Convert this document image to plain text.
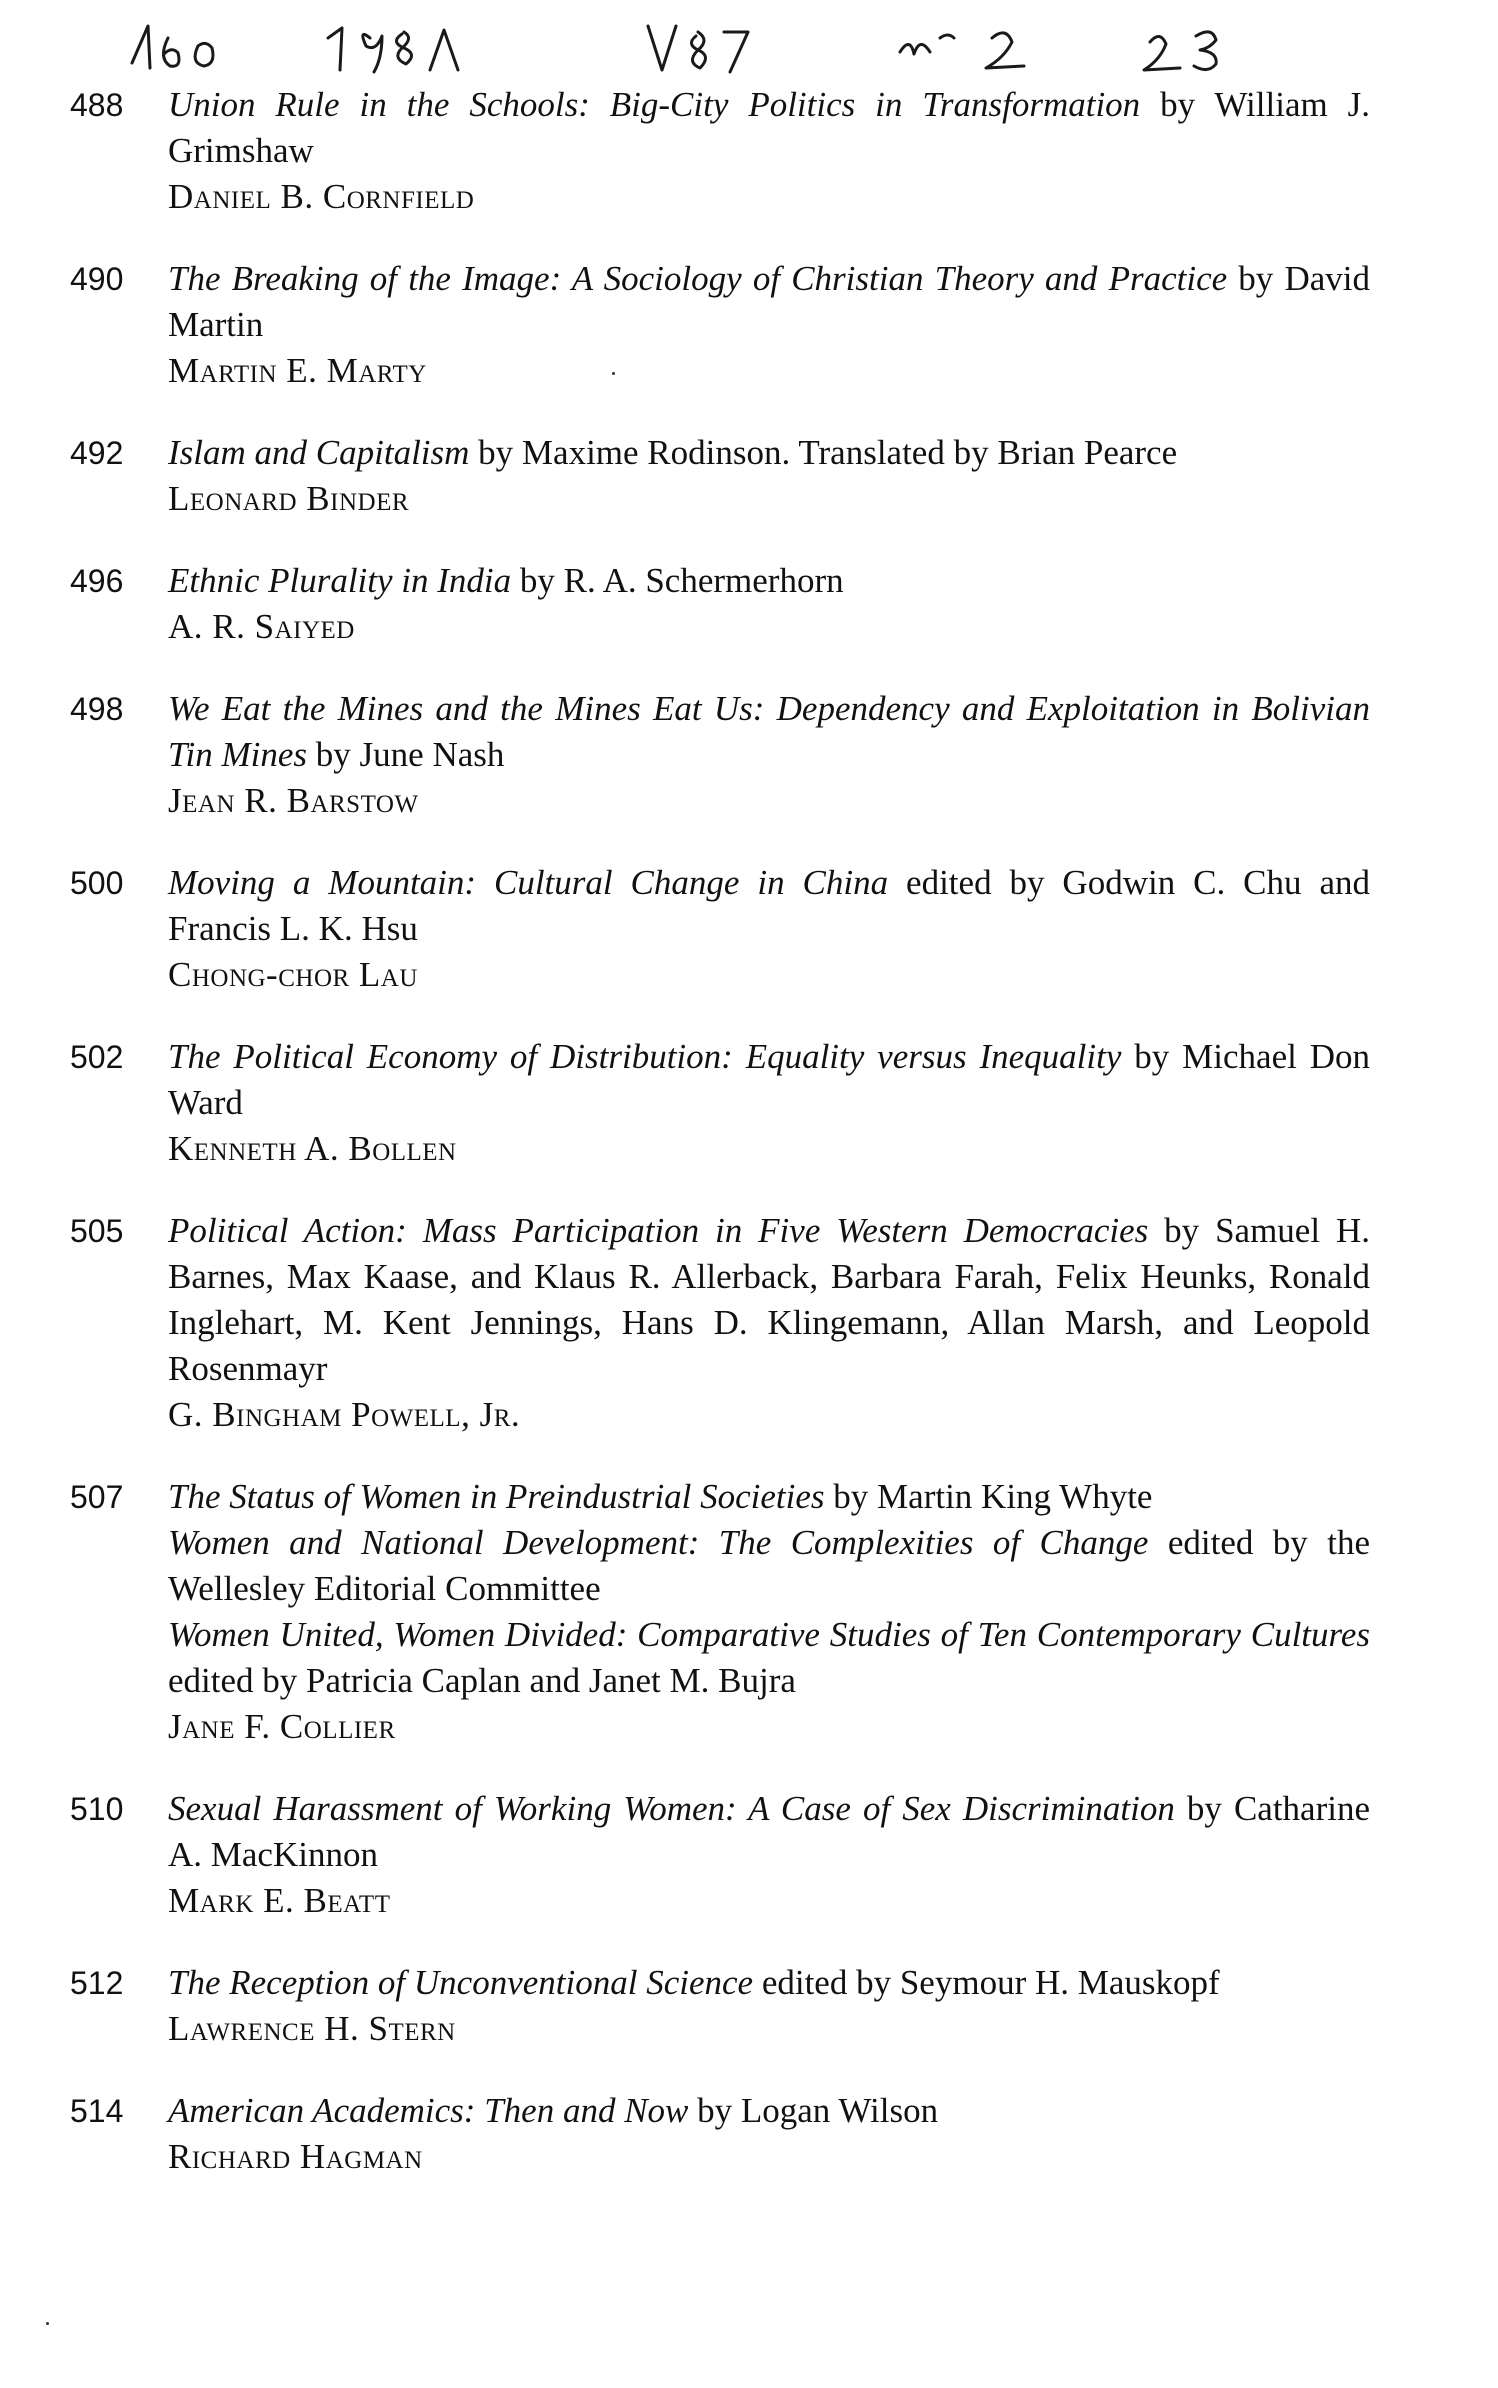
488 Union Rule in the Schools: Big-City Politics in Transformation by William J. Grimshaw
Daniel B. Cornfield
490 The Breaking of the Image: A Sociology of Christian Theory and Practice by David Martin
Martin E. Marty
492 Islam and Capitalism by Maxime Rodinson. Translated by Brian Pearce
Leonard Binder
496 Ethnic Plurality in India by R. A. Schermerhorn
A. R. Saiyed
498 We Eat the Mines and the Mines Eat Us: Dependency and Exploitation in Bolivian Tin Mines by June Nash
Jean R. Barstow
500 Moving a Mountain: Cultural Change in China edited by Godwin C. Chu and Francis L. K. Hsu
Chong-chor Lau
502 The Political Economy of Distribution: Equality versus Inequality by Michael Don Ward
Kenneth A. Bollen
505 Political Action: Mass Participation in Five Western Democracies by Samuel H. Barnes, Max Kaase, and Klaus R. Allerback, Barbara Farah, Felix Heunks, Ronald Inglehart, M. Kent Jennings, Hans D. Klingemann, Allan Marsh, and Leopold Rosenmayr
G. Bingham Powell, Jr.
507 The Status of Women in Preindustrial Societies by Martin King Whyte
Women and National Development: The Complexities of Change edited by the Wellesley Editorial Committee
Women United, Women Divided: Comparative Studies of Ten Contemporary Cultures edited by Patricia Caplan and Janet M. Bujra
Jane F. Collier
510 Sexual Harassment of Working Women: A Case of Sex Discrimination by Catharine A. MacKinnon
Mark E. Beatt
512 The Reception of Unconventional Science edited by Seymour H. Mauskopf
Lawrence H. Stern
514 American Academics: Then and Now by Logan Wilson
Richard Hagman
